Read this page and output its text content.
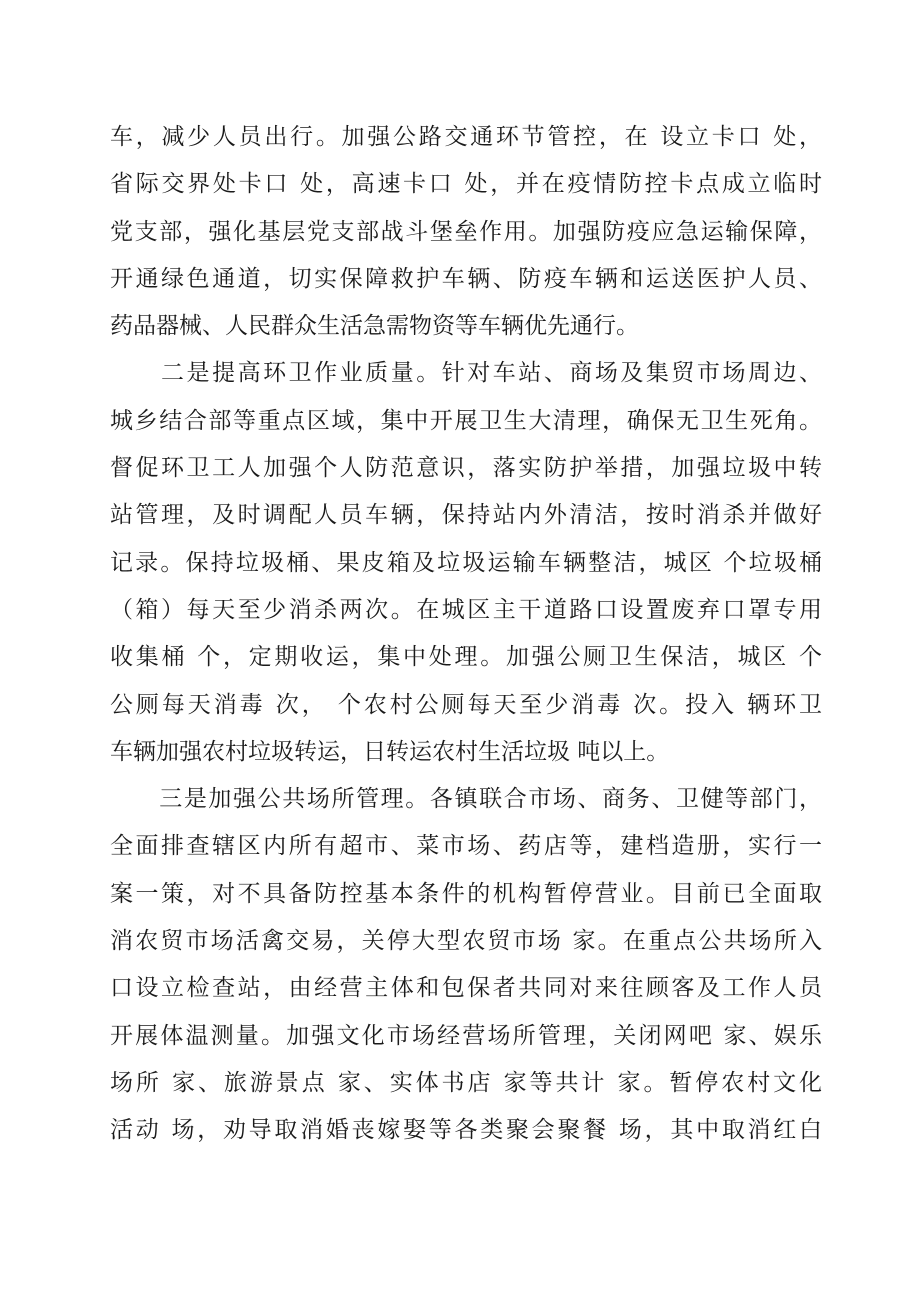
车，减少人员出行。加强公路交通环节管控，在 设立卡口 处，
省际交界处卡口 处，高速卡口 处，并在疫情防控卡点成立临时
党支部，强化基层党支部战斗堡垒作用。加强防疫应急运输保障，
开通绿色通道，切实保障救护车辆、防疫车辆和运送医护人员、
药品器械、人民群众生活急需物资等车辆优先通行。
　　二是提高环卫作业质量。针对车站、商场及集贸市场周边、
城乡结合部等重点区域，集中开展卫生大清理，确保无卫生死角。
督促环卫工人加强个人防范意识，落实防护举措，加强垃圾中转
站管理，及时调配人员车辆，保持站内外清洁，按时消杀并做好
记录。保持垃圾桶、果皮箱及垃圾运输车辆整洁，城区 个垃圾桶
（箱）每天至少消杀两次。在城区主干道路口设置废弃口罩专用
收集桶 个，定期收运，集中处理。加强公厕卫生保洁，城区 个
公厕每天消毒 次， 个农村公厕每天至少消毒 次。投入 辆环卫
车辆加强农村垃圾转运，日转运农村生活垃圾 吨以上。
　　三是加强公共场所管理。各镇联合市场、商务、卫健等部门，
全面排查辖区内所有超市、菜市场、药店等，建档造册，实行一
案一策，对不具备防控基本条件的机构暂停营业。目前已全面取
消农贸市场活禽交易，关停大型农贸市场 家。在重点公共场所入
口设立检查站，由经营主体和包保者共同对来往顾客及工作人员
开展体温测量。加强文化市场经营场所管理，关闭网吧 家、娱乐
场所 家、旅游景点 家、实体书店 家等共计 家。暂停农村文化
活动 场，劝导取消婚丧嫁娶等各类聚会聚餐 场，其中取消红白
